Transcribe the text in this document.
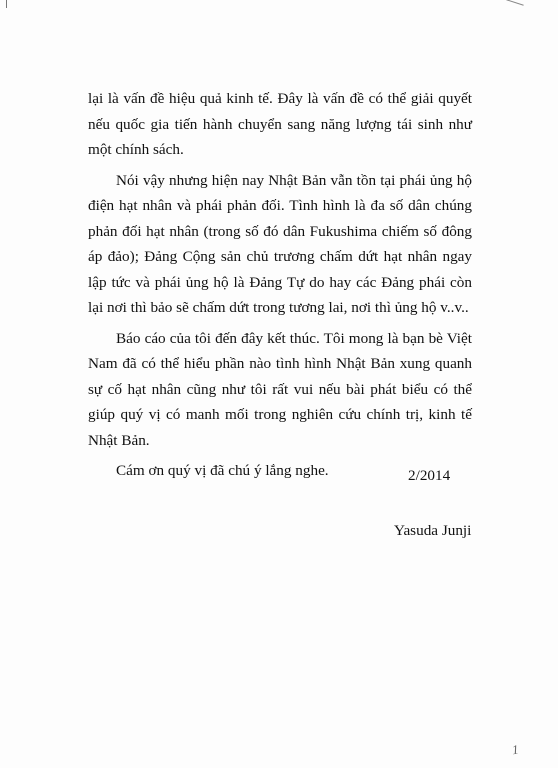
lại là vấn đề hiệu quả kinh tế. Đây là vấn đề có thể giải quyết nếu quốc gia tiến hành chuyển sang năng lượng tái sinh như một chính sách.

Nói vậy nhưng hiện nay Nhật Bản vẫn tồn tại phái ủng hộ điện hạt nhân và phái phản đối. Tình hình là đa số dân chúng phản đối hạt nhân (trong số đó dân Fukushima chiếm số đông áp đảo); Đảng Cộng sản chủ trương chấm dứt hạt nhân ngay lập tức và phái ủng hộ là Đảng Tự do hay các Đảng phái còn lại nơi thì bảo sẽ chấm dứt trong tương lai, nơi thì ủng hộ v..v..

Báo cáo của tôi đến đây kết thúc. Tôi mong là bạn bè Việt Nam đã có thể hiểu phần nào tình hình Nhật Bản xung quanh sự cố hạt nhân cũng như tôi rất vui nếu bài phát biểu có thể giúp quý vị có manh mối trong nghiên cứu chính trị, kinh tế Nhật Bản.

Cám ơn quý vị đã chú ý lắng nghe.	2/2014
Yasuda Junji
1
